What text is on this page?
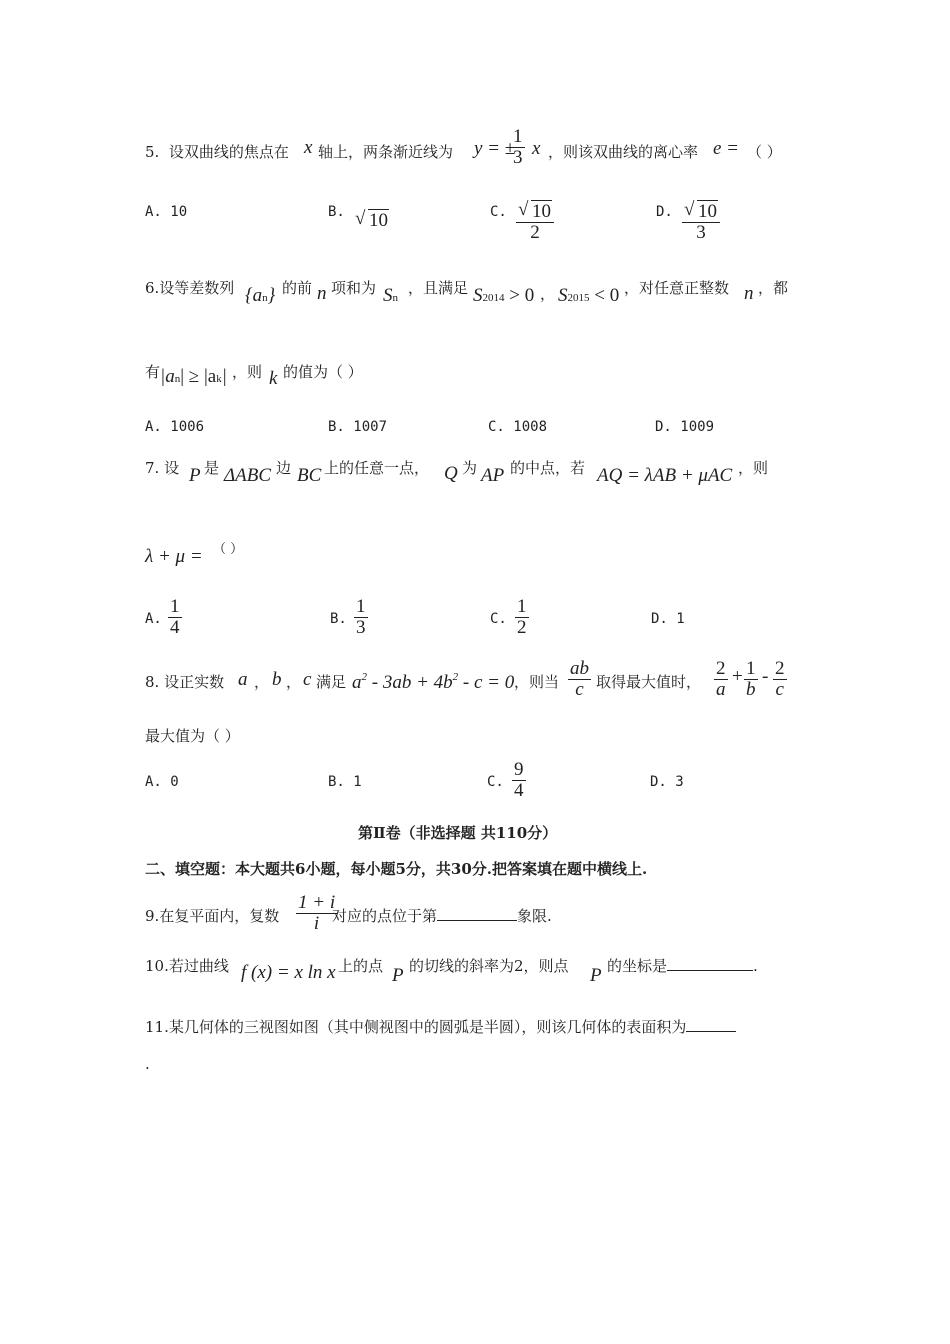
5. 设双曲线的焦点在 x 轴上，两条渐近线为 y = ±
$\frac{1}{3}$ x ，则该双曲线的离心率 e = （ ）
A. 10	B. √ 10	C. $\frac{√ 10}{2}$	D. $\frac{√ 10}{3}$
6.设等差数列 {an} 的前 n 项和为 Sn
，且满足 S2014 > 0 ， S2015 < 0 ，对任意正整数 n ，都
有 |an| ≥ |ak| ，则 k 的值为（ ）
A. 1006	B. 1007	C. 1008	D. 1009
7. 设 P 是 ΔABC 边 BC 上的任意一点， Q 为 AP 的中点，若 AQ = λAB + μAC ，则
λ + μ = （ ）
A. $\frac{1}{4}$	B. $\frac{1}{3}$	C. $\frac{1}{2}$	D. 1
8. 设正实数 a ， b ， c 满足 $a^2 - 3ab + 4b^2 - c = 0$ ，则当 $\frac{ab}{c}$ 取得最大值时， $\frac{2}{a} + \frac{1}{b} - \frac{2}{c}$
最大值为（ ）
A. 0	B. 1	C. $\frac{9}{4}$	D. 3
第Ⅱ卷（非选择题 共110分）
二、填空题：本大题共6小题，每小题5分，共30分.把答案填在题中横线上.
9.在复平面内，复数 $\frac{1 + i}{i}$
对应的点位于第	象限.
10.若过曲线 f (x) = x ln x 上的点 P 的切线的斜率为2，则点 P 的坐标是	.
11.某几何体的三视图如图（其中侧视图中的圆弧是半圆），则该几何体的表面积为
.
